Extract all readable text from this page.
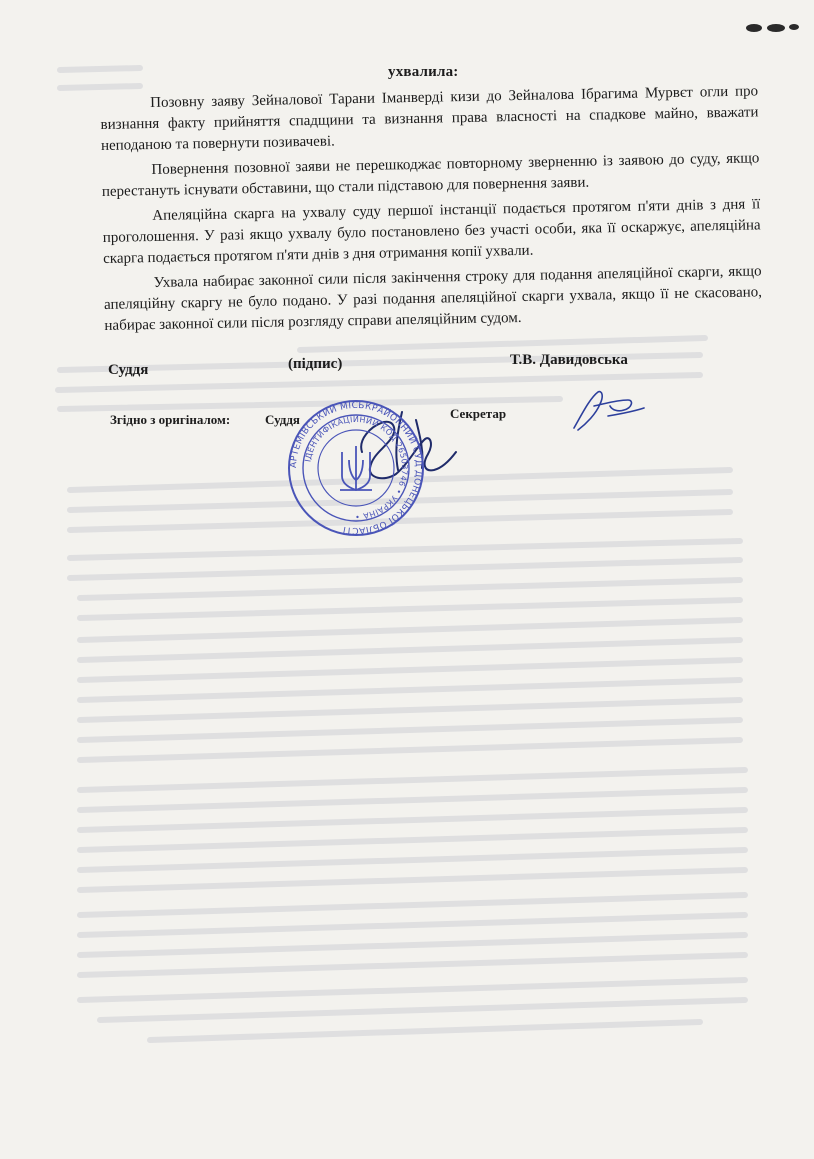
ухвалила:

Позовну заяву Зейналової Тарани Іманверді кизи до Зейналова Ібрагима Мурвєт огли про визнання факту прийняття спадщини та визнання права власності на спадкове майно, вважати неподаною та повернути позивачеві.

Повернення позовної заяви не перешкоджає повторному зверненню із заявою до суду, якщо перестануть існувати обставини, що стали підставою для повернення заяви.

Апеляційна скарга на ухвалу суду першої інстанції подається протягом п'яти днів з дня її проголошення. У разі якщо ухвалу було постановлено без участі особи, яка її оскаржує, апеляційна скарга подається протягом п'яти днів з дня отримання копії ухвали.

Ухвала набирає законної сили після закінчення строку для подання апеляційної скарги, якщо апеляційну скаргу не було подано. У разі подання апеляційної скарги ухвала, якщо її не скасовано, набирає законної сили після розгляду справи апеляційним судом.

Суддя	(підпис)	Т.В. Давидовська
Згідно з оригіналом:	Суддя	Секретар
АРТЕМІВСЬКИЙ МІСЬКРАЙОННИЙ СУД ДОНЕЦЬКОЇ ОБЛАСТІ
ІДЕНТИФІКАЦІЙНИЙ КОД 26503746 • УКРАЇНА •
